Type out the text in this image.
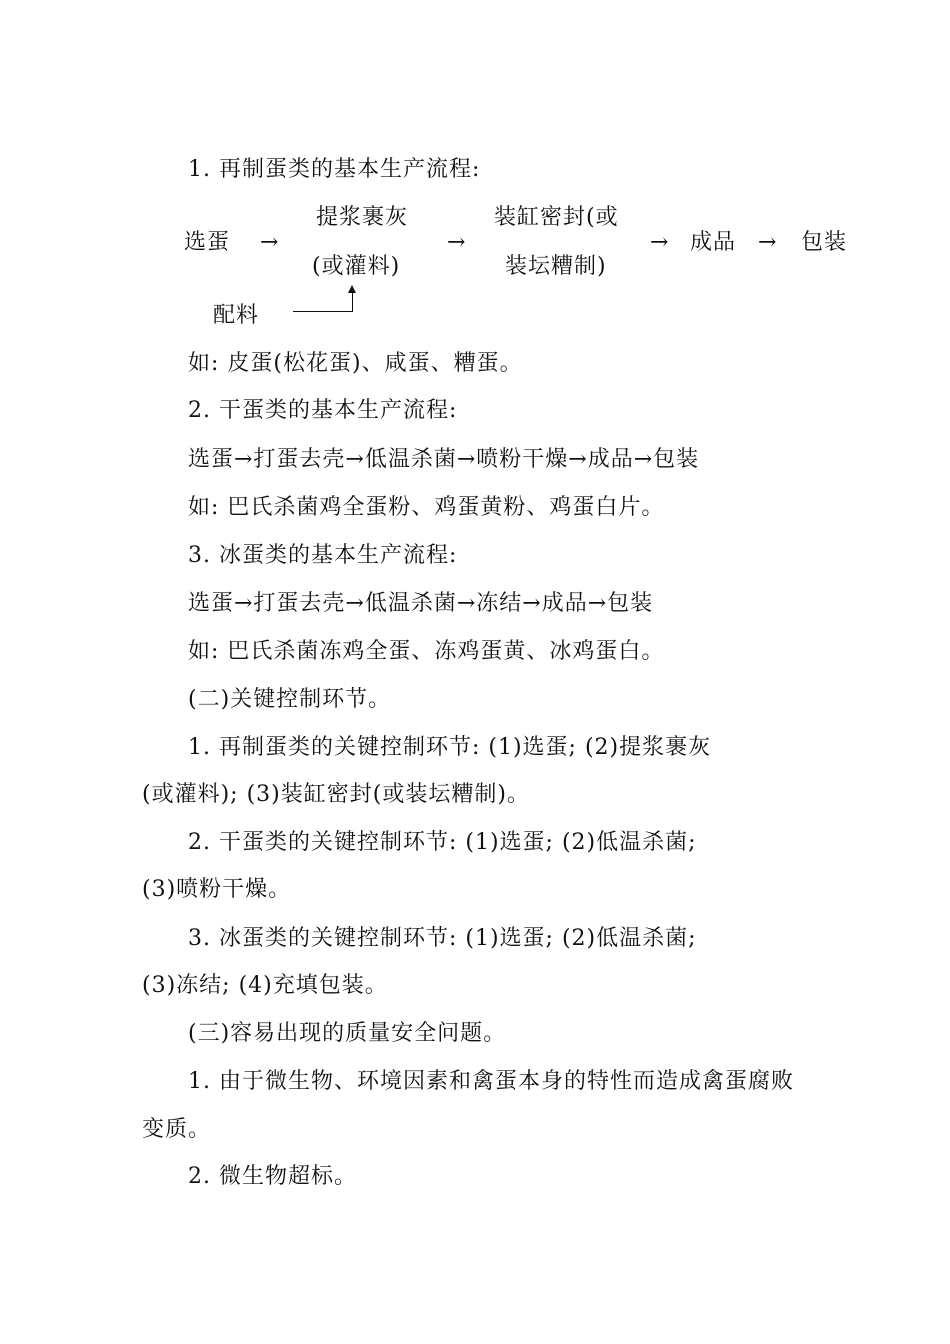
1. 再制蛋类的基本生产流程:
选蛋 →
提浆裹灰
(或灌料)
→
装缸密封(或
装坛糟制)
→ 成品 → 包装
配料
如: 皮蛋(松花蛋)、咸蛋、糟蛋。
2. 干蛋类的基本生产流程:
选蛋→打蛋去壳→低温杀菌→喷粉干燥→成品→包装
如: 巴氏杀菌鸡全蛋粉、鸡蛋黄粉、鸡蛋白片。
3. 冰蛋类的基本生产流程:
选蛋→打蛋去壳→低温杀菌→冻结→成品→包装
如: 巴氏杀菌冻鸡全蛋、冻鸡蛋黄、冰鸡蛋白。
(二)关键控制环节。
1. 再制蛋类的关键控制环节: (1)选蛋; (2)提浆裹灰
(或灌料); (3)装缸密封(或装坛糟制)。
2. 干蛋类的关键控制环节: (1)选蛋; (2)低温杀菌;
(3)喷粉干燥。
3. 冰蛋类的关键控制环节: (1)选蛋; (2)低温杀菌;
(3)冻结; (4)充填包装。
(三)容易出现的质量安全问题。
1. 由于微生物、环境因素和禽蛋本身的特性而造成禽蛋腐败
变质。
2. 微生物超标。
